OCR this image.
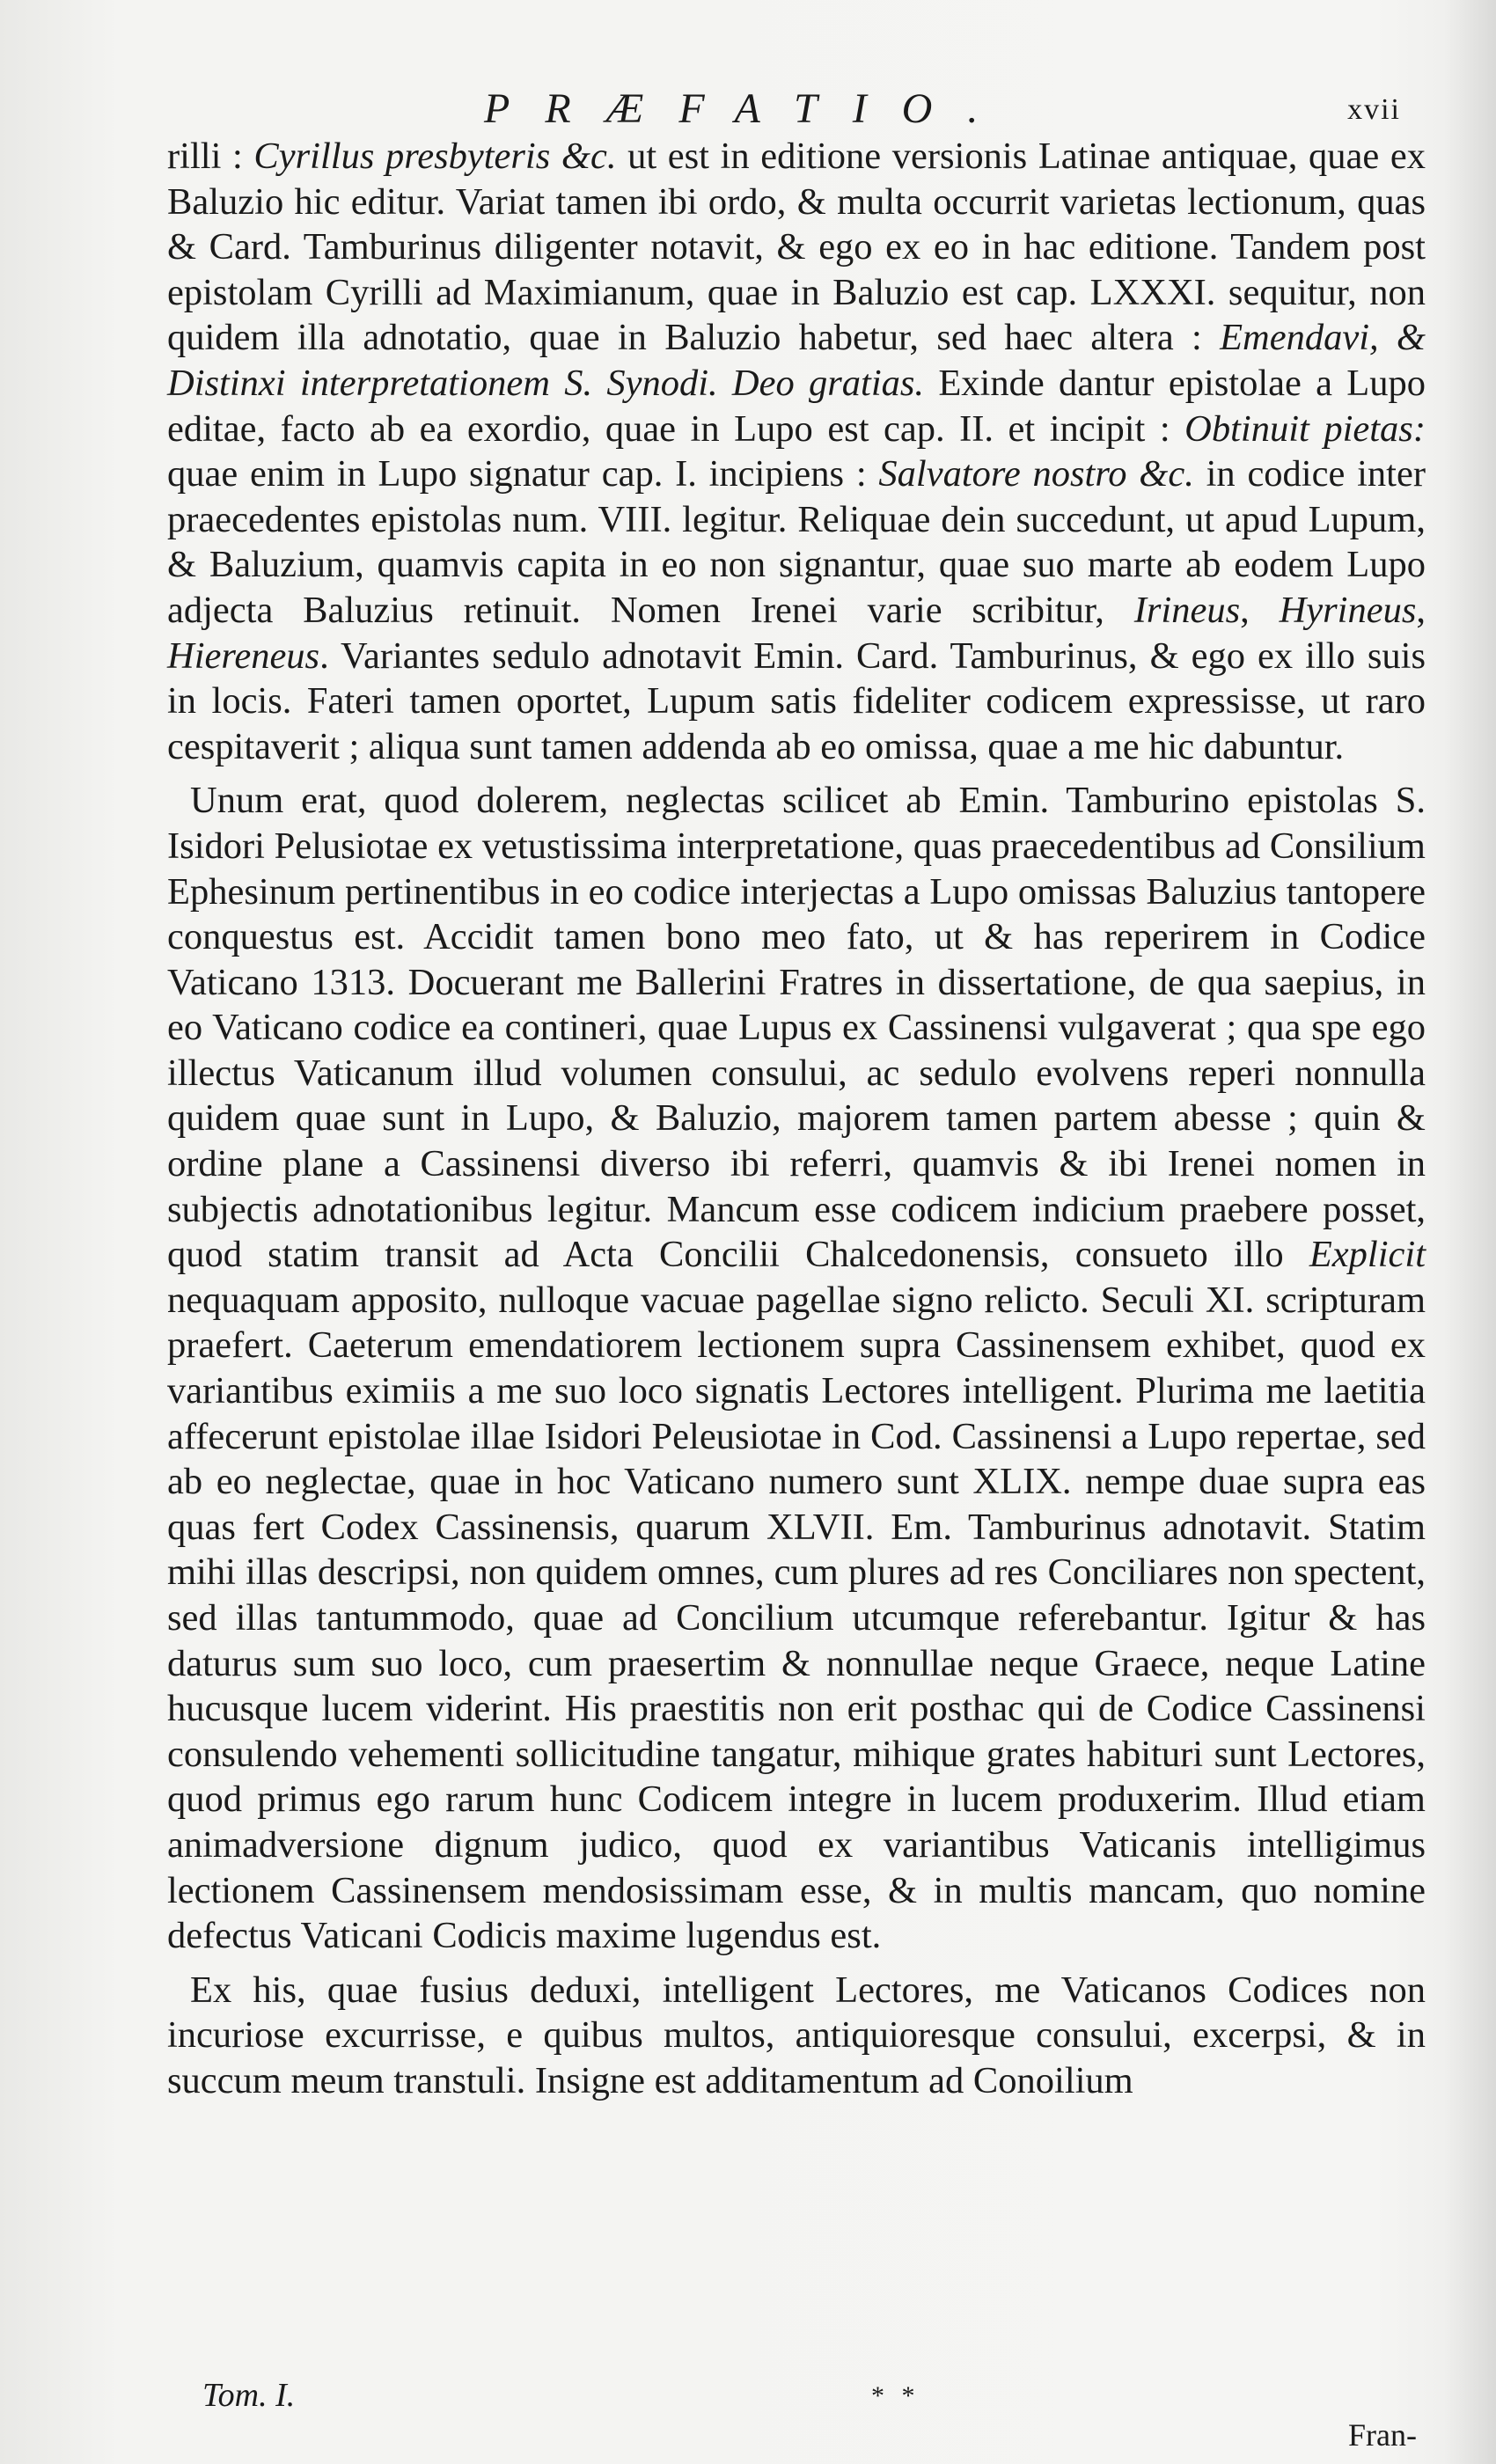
PRÆFATIO.	xvii

rilli : Cyrillus presbyteris &c. ut est in editione versionis Latinae antiquae, quae ex Baluzio hic editur. Variat tamen ibi ordo, & multa occurrit varietas lectionum, quas & Card. Tamburinus diligenter notavit, & ego ex eo in hac editione. Tandem post epistolam Cyrilli ad Maximianum, quae in Baluzio est cap. LXXXI. sequitur, non quidem illa adnotatio, quae in Baluzio habetur, sed haec altera : Emendavi, & Distinxi interpretationem S. Synodi. Deo gratias. Exinde dantur epistolae a Lupo editae, facto ab ea exordio, quae in Lupo est cap. II. et incipit : Obtinuit pietas: quae enim in Lupo signatur cap. I. incipiens : Salvatore nostro &c. in codice inter praecedentes epistolas num. VIII. legitur. Reliquae dein succedunt, ut apud Lupum, & Baluzium, quamvis capita in eo non signantur, quae suo marte ab eodem Lupo adjecta Baluzius retinuit. Nomen Irenei varie scribitur, Irineus, Hyrineus, Hiereneus. Variantes sedulo adnotavit Emin. Card. Tamburinus, & ego ex illo suis in locis. Fateri tamen oportet, Lupum satis fideliter codicem expressisse, ut raro cespitaverit ; aliqua sunt tamen addenda ab eo omissa, quae a me hic dabuntur.

Unum erat, quod dolerem, neglectas scilicet ab Emin. Tamburino epistolas S. Isidori Pelusiotae ex vetustissima interpretatione, quas praecedentibus ad Consilium Ephesinum pertinentibus in eo codice interjectas a Lupo omissas Baluzius tantopere conquestus est. Accidit tamen bono meo fato, ut & has reperirem in Codice Vaticano 1313. Docuerant me Ballerini Fratres in dissertatione, de qua saepius, in eo Vaticano codice ea contineri, quae Lupus ex Cassinensi vulgaverat ; qua spe ego illectus Vaticanum illud volumen consului, ac sedulo evolvens reperi nonnulla quidem quae sunt in Lupo, & Baluzio, majorem tamen partem abesse ; quin & ordine plane a Cassinensi diverso ibi referri, quamvis & ibi Irenei nomen in subjectis adnotationibus legitur. Mancum esse codicem indicium praebere posset, quod statim transit ad Acta Concilii Chalcedonensis, consueto illo Explicit nequaquam apposito, nulloque vacuae pagellae signo relicto. Seculi XI. scripturam praefert. Caeterum emendatiorem lectionem supra Cassinensem exhibet, quod ex variantibus eximiis a me suo loco signatis Lectores intelligent. Plurima me laetitia affecerunt epistolae illae Isidori Peleusiotae in Cod. Cassinensi a Lupo repertae, sed ab eo neglectae, quae in hoc Vaticano numero sunt XLIX. nempe duae supra eas quas fert Codex Cassinensis, quarum XLVII. Em. Tamburinus adnotavit. Statim mihi illas descripsi, non quidem omnes, cum plures ad res Conciliares non spectent, sed illas tantummodo, quae ad Concilium utcumque referebantur. Igitur & has daturus sum suo loco, cum praesertim & nonnullae neque Graece, neque Latine hucusque lucem viderint. His praestitis non erit posthac qui de Codice Cassinensi consulendo vehementi sollicitudine tangatur, mihique grates habituri sunt Lectores, quod primus ego rarum hunc Codicem integre in lucem produxerim. Illud etiam animadversione dignum judico, quod ex variantibus Vaticanis intelligimus lectionem Cassinensem mendosissimam esse, & in multis mancam, quo nomine defectus Vaticani Codicis maxime lugendus est.

Ex his, quae fusius deduxi, intelligent Lectores, me Vaticanos Codices non incuriose excurrisse, e quibus multos, antiquioresque consului, excerpsi, & in succum meum transtuli. Insigne est additamentum ad Conoilium

Tom. I.	* *
Fran-
